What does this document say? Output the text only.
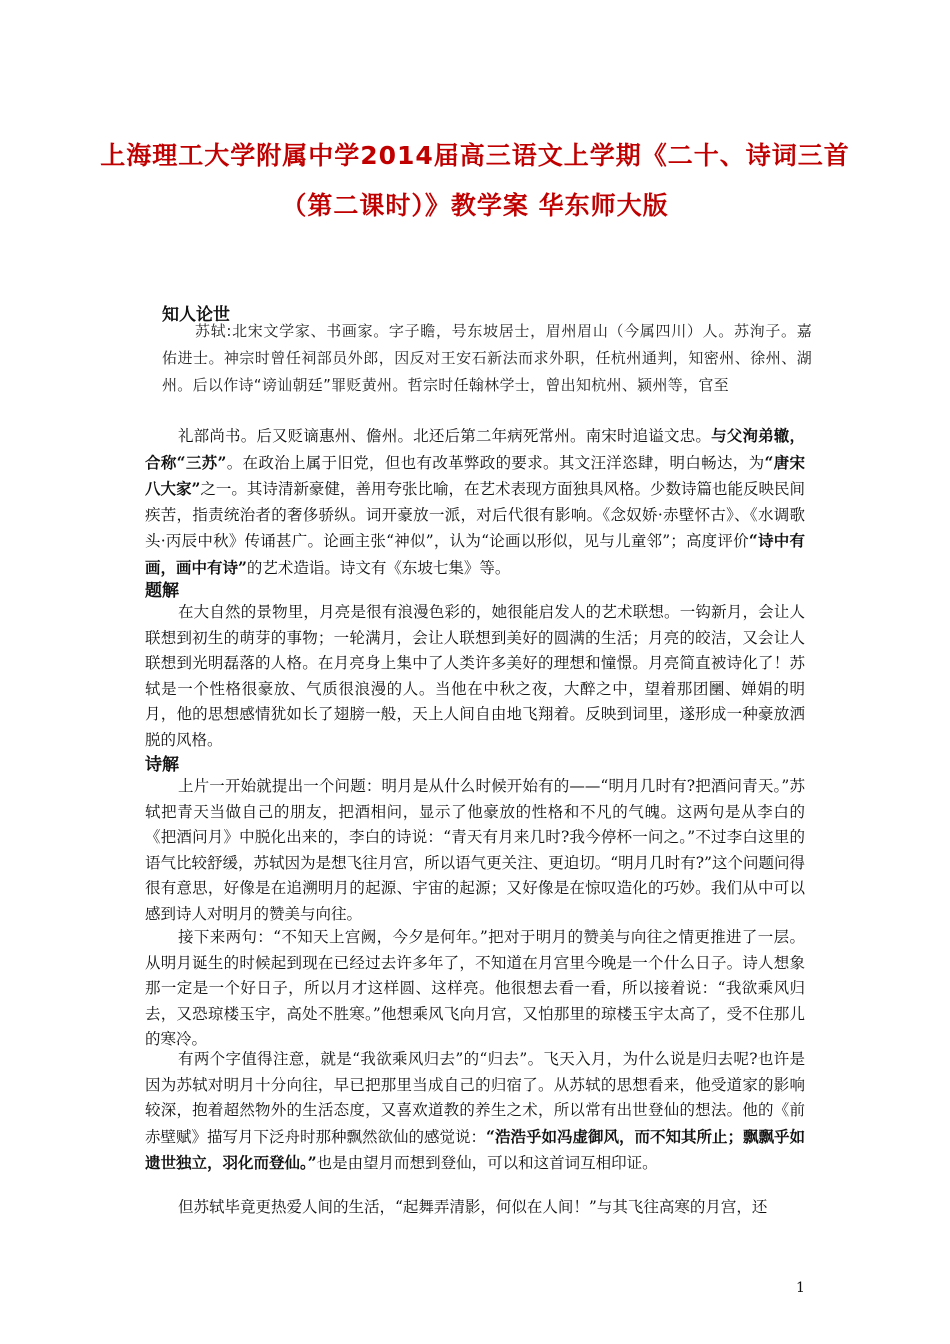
上海理工大学附属中学2014届高三语文上学期《二十、诗词三首
（第二课时）》教学案 华东师大版
知人论世
苏轼:北宋文学家、书画家。字子瞻，号东坡居士，眉州眉山（今属四川）人。苏洵子。嘉佑进士。神宗时曾任祠部员外郎，因反对王安石新法而求外职，任杭州通判，知密州、徐州、湖州。后以作诗“谤讪朝廷”罪贬黄州。哲宗时任翰林学士，曾出知杭州、颍州等，官至
礼部尚书。后又贬谪惠州、儋州。北还后第二年病死常州。南宋时追谥文忠。与父洵弟辙，合称“三苏”。在政治上属于旧党，但也有改革弊政的要求。其文汪洋恣肆，明白畅达，为“唐宋八大家”之一。其诗清新豪健，善用夸张比喻，在艺术表现方面独具风格。少数诗篇也能反映民间疾苦，指责统治者的奢侈骄纵。词开豪放一派，对后代很有影响。《念奴娇·赤壁怀古》、《水调歌头·丙辰中秋》传诵甚广。论画主张“神似”，认为“论画以形似，见与儿童邻”；高度评价“诗中有画，画中有诗”的艺术造诣。诗文有《东坡七集》等。
题解
在大自然的景物里，月亮是很有浪漫色彩的，她很能启发人的艺术联想。一钩新月，会让人联想到初生的萌芽的事物；一轮满月，会让人联想到美好的圆满的生活；月亮的皎洁，又会让人联想到光明磊落的人格。在月亮身上集中了人类许多美好的理想和憧憬。月亮简直被诗化了！苏轼是一个性格很豪放、气质很浪漫的人。当他在中秋之夜，大醉之中，望着那团圞、婵娟的明月，他的思想感情犹如长了翅膀一般，天上人间自由地飞翔着。反映到词里，遂形成一种豪放洒脱的风格。
诗解
上片一开始就提出一个问题：明月是从什么时候开始有的——“明月几时有?把酒问青天。”苏轼把青天当做自己的朋友，把酒相问，显示了他豪放的性格和不凡的气魄。这两句是从李白的《把酒问月》中脱化出来的，李白的诗说：“青天有月来几时?我今停杯一问之。”不过李白这里的语气比较舒缓，苏轼因为是想飞往月宫，所以语气更关注、更迫切。“明月几时有?”这个问题问得很有意思，好像是在追溯明月的起源、宇宙的起源；又好像是在惊叹造化的巧妙。我们从中可以感到诗人对明月的赞美与向往。
接下来两句：“不知天上宫阙，今夕是何年。”把对于明月的赞美与向往之情更推进了一层。从明月诞生的时候起到现在已经过去许多年了，不知道在月宫里今晚是一个什么日子。诗人想象那一定是一个好日子，所以月才这样圆、这样亮。他很想去看一看，所以接着说：“我欲乘风归去，又恐琼楼玉宇，高处不胜寒。”他想乘风飞向月宫，又怕那里的琼楼玉宇太高了，受不住那儿的寒冷。
有两个字值得注意，就是“我欲乘风归去”的“归去”。飞天入月，为什么说是归去呢?也许是因为苏轼对明月十分向往，早已把那里当成自己的归宿了。从苏轼的思想看来，他受道家的影响较深，抱着超然物外的生活态度，又喜欢道教的养生之术，所以常有出世登仙的想法。他的《前赤壁赋》描写月下泛舟时那种飘然欲仙的感觉说：“浩浩乎如冯虚御风，而不知其所止；飘飘乎如遗世独立，羽化而登仙。”也是由望月而想到登仙，可以和这首词互相印证。
但苏轼毕竟更热爱人间的生活，“起舞弄清影，何似在人间！”与其飞往高寒的月宫，还
1
